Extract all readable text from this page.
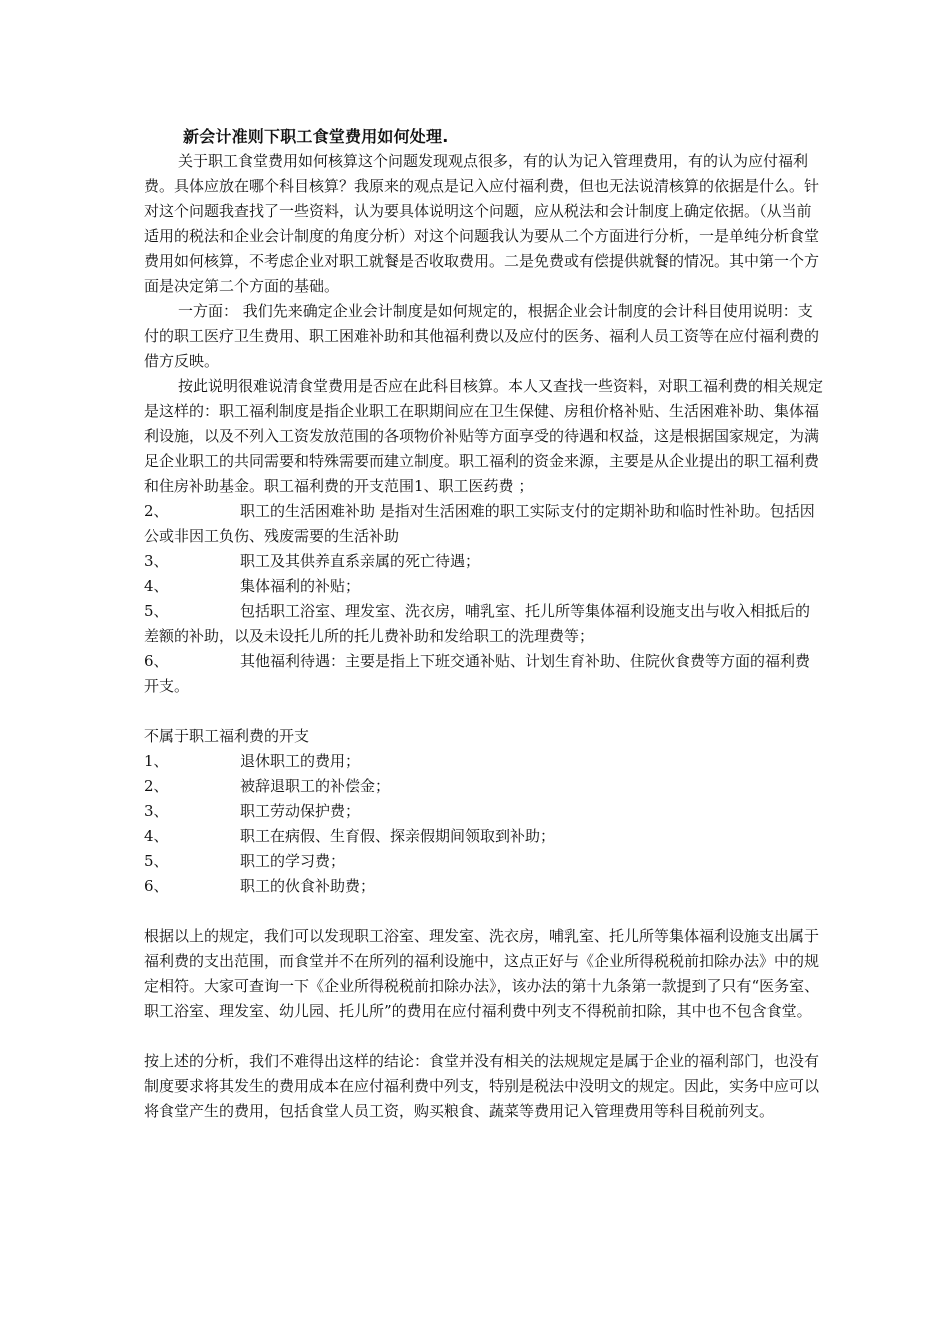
新会计准则下职工食堂费用如何处理.

关于职工食堂费用如何核算这个问题发现观点很多，有的认为记入管理费用，有的认为应付福利费。具体应放在哪个科目核算？我原来的观点是记入应付福利费，但也无法说清核算的依据是什么。针对这个问题我查找了一些资料，认为要具体说明这个问题，应从税法和会计制度上确定依据。（从当前适用的税法和企业会计制度的角度分析）对这个问题我认为要从二个方面进行分析，一是单纯分析食堂费用如何核算，不考虑企业对职工就餐是否收取费用。二是免费或有偿提供就餐的情况。其中第一个方面是决定第二个方面的基础。

一方面： 我们先来确定企业会计制度是如何规定的，根据企业会计制度的会计科目使用说明：支付的职工医疗卫生费用、职工困难补助和其他福利费以及应付的医务、福利人员工资等在应付福利费的借方反映。

按此说明很难说清食堂费用是否应在此科目核算。本人又查找一些资料，对职工福利费的相关规定是这样的：职工福利制度是指企业职工在职期间应在卫生保健、房租价格补贴、生活困难补助、集体福利设施，以及不列入工资发放范围的各项物价补贴等方面享受的待遇和权益，这是根据国家规定，为满足企业职工的共同需要和特殊需要而建立制度。职工福利的资金来源，主要是从企业提出的职工福利费和住房补助基金。职工福利费的开支范围1、职工医药费 ；

2、	职工的生活困难补助 是指对生活困难的职工实际支付的定期补助和临时性补助。包括因公或非因工负伤、残废需要的生活补助
3、	职工及其供养直系亲属的死亡待遇；
4、	集体福利的补贴；
5、	包括职工浴室、理发室、洗衣房，哺乳室、托儿所等集体福利设施支出与收入相抵后的差额的补助，以及未设托儿所的托儿费补助和发给职工的洗理费等；
6、	其他福利待遇：主要是指上下班交通补贴、计划生育补助、住院伙食费等方面的福利费开支。

不属于职工福利费的开支

1、	退休职工的费用；
2、	被辞退职工的补偿金；
3、	职工劳动保护费；
4、	职工在病假、生育假、探亲假期间领取到补助；
5、	职工的学习费；
6、	职工的伙食补助费；

根据以上的规定，我们可以发现职工浴室、理发室、洗衣房，哺乳室、托儿所等集体福利设施支出属于福利费的支出范围，而食堂并不在所列的福利设施中，这点正好与《企业所得税税前扣除办法》中的规定相符。大家可查询一下《企业所得税税前扣除办法》，该办法的第十九条第一款提到了只有“医务室、职工浴室、理发室、幼儿园、托儿所”的费用在应付福利费中列支不得税前扣除，其中也不包含食堂。

按上述的分析，我们不难得出这样的结论：食堂并没有相关的法规规定是属于企业的福利部门，也没有制度要求将其发生的费用成本在应付福利费中列支，特别是税法中没明文的规定。因此，实务中应可以将食堂产生的费用，包括食堂人员工资，购买粮食、蔬菜等费用记入管理费用等科目税前列支。
